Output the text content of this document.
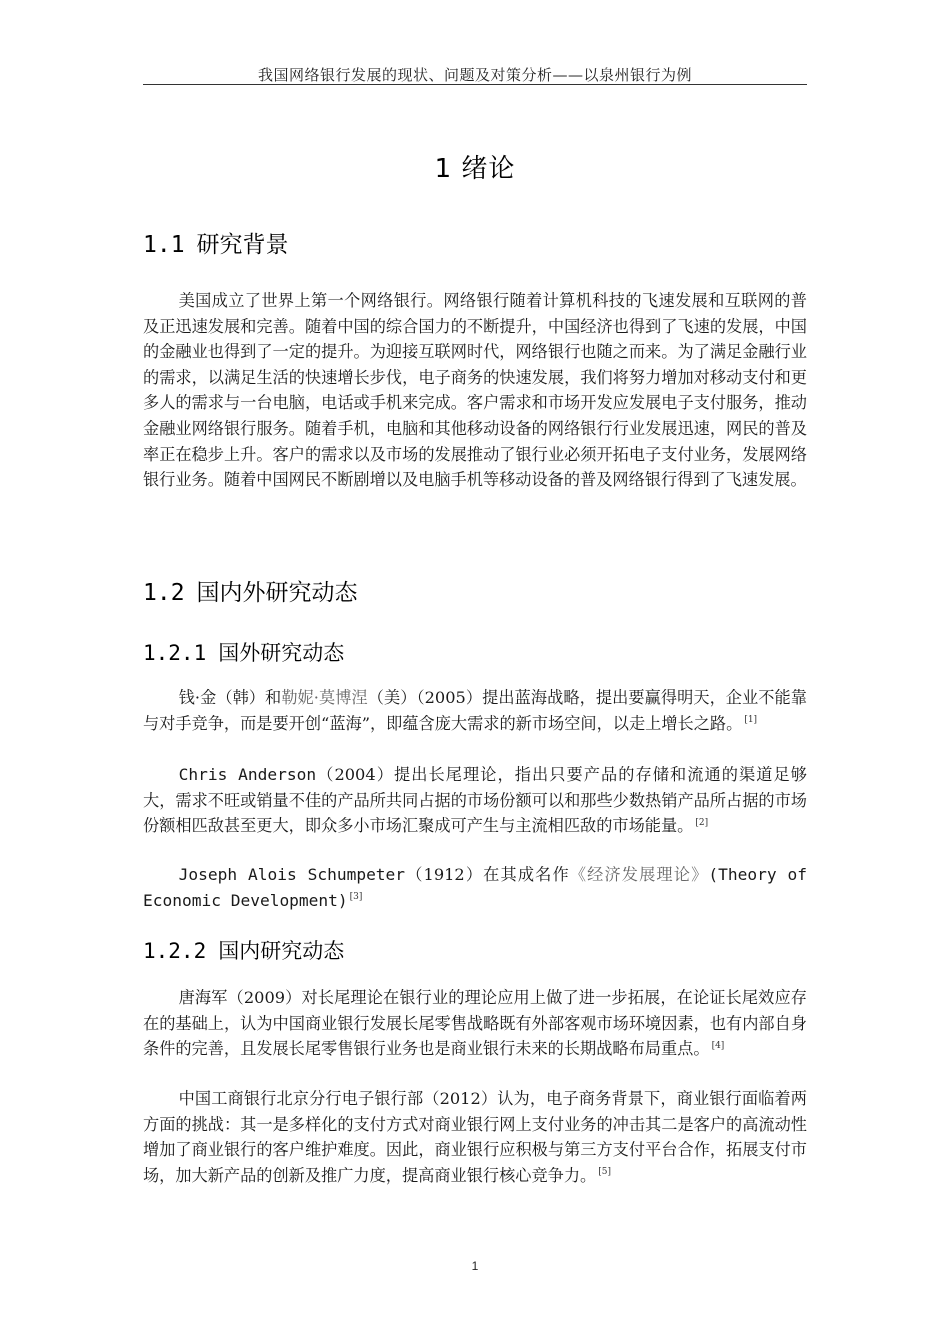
我国网络银行发展的现状、问题及对策分析——以泉州银行为例
1 绪论
1.1 研究背景

美国成立了世界上第一个网络银行。网络银行随着计算机科技的飞速发展和互联网的普及正迅速发展和完善。随着中国的综合国力的不断提升，中国经济也得到了飞速的发展，中国的金融业也得到了一定的提升。为迎接互联网时代，网络银行也随之而来。为了满足金融行业的需求，以满足生活的快速增长步伐，电子商务的快速发展，我们将努力增加对移动支付和更多人的需求与一台电脑，电话或手机来完成。客户需求和市场开发应发展电子支付服务，推动金融业网络银行服务。随着手机，电脑和其他移动设备的网络银行行业发展迅速，网民的普及率正在稳步上升。客户的需求以及市场的发展推动了银行业必须开拓电子支付业务，发展网络银行业务。随着中国网民不断剧增以及电脑手机等移动设备的普及网络银行得到了飞速发展。

1.2 国内外研究动态
1.2.1 国外研究动态

钱·金（韩）和勒妮·莫博涅（美）（2005）提出蓝海战略，提出要赢得明天，企业不能靠与对手竞争，而是要开创“蓝海”，即蕴含庞大需求的新市场空间，以走上增长之路。 [1]

Chris Anderson（2004）提出长尾理论，指出只要产品的存储和流通的渠道足够大，需求不旺或销量不佳的产品所共同占据的市场份额可以和那些少数热销产品所占据的市场份额相匹敌甚至更大，即众多小市场汇聚成可产生与主流相匹敌的市场能量。 [2]

Joseph Alois Schumpeter（1912）在其成名作《经济发展理论》(Theory of Economic Development) [3]

1.2.2 国内研究动态

唐海军（2009）对长尾理论在银行业的理论应用上做了进一步拓展，在论证长尾效应存在的基础上，认为中国商业银行发展长尾零售战略既有外部客观市场环境因素，也有内部自身条件的完善，且发展长尾零售银行业务也是商业银行未来的长期战略布局重点。 [4]

中国工商银行北京分行电子银行部（2012）认为，电子商务背景下，商业银行面临着两方面的挑战：其一是多样化的支付方式对商业银行网上支付业务的冲击其二是客户的高流动性增加了商业银行的客户维护难度。因此，商业银行应积极与第三方支付平台合作，拓展支付市场，加大新产品的创新及推广力度，提高商业银行核心竞争力。 [5]

1
